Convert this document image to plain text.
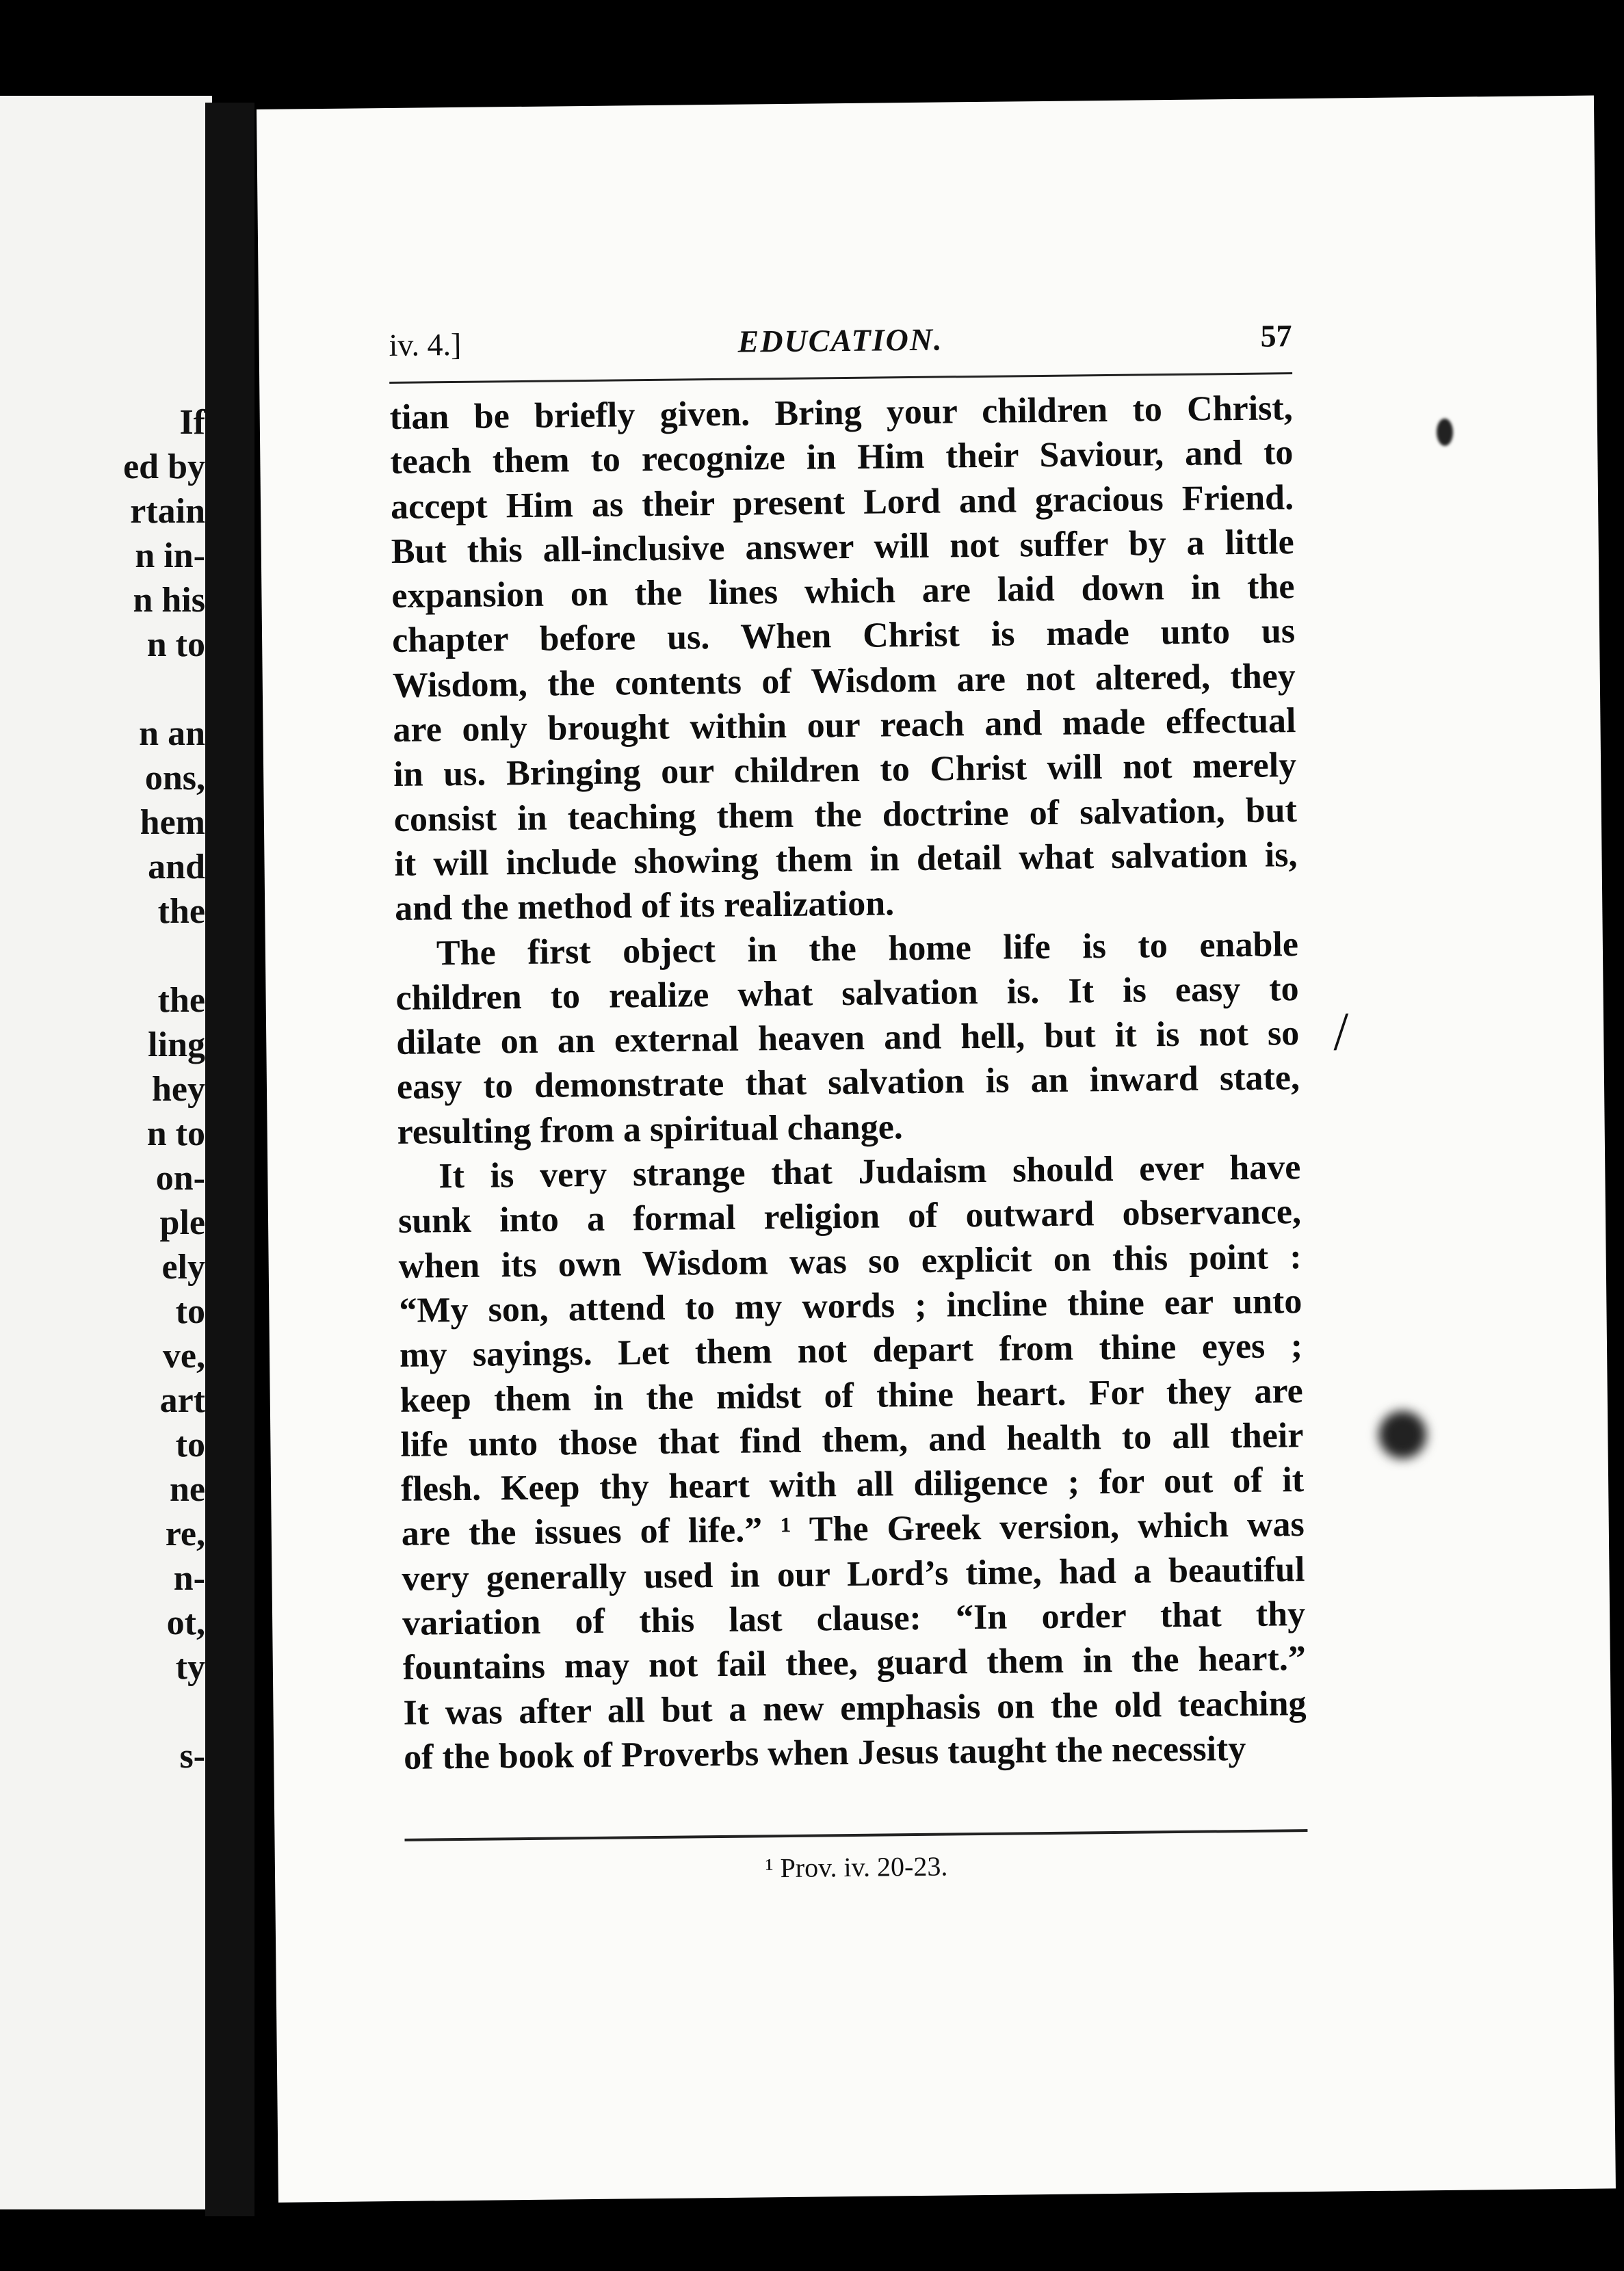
If
ed by
rtain
n in-
n his
n to

n an
ons,
hem
and
the

the
ling
hey
n to
on-
ple
ely
to
ve,
art
to
ne
re,
n-
ot,
ty

s-
iv. 4.]	EDUCATION.	57

tian be briefly given. Bring your children to Christ,
teach them to recognize in Him their Saviour, and to
accept Him as their present Lord and gracious Friend.
But this all-inclusive answer will not suffer by a little
expansion on the lines which are laid down in the
chapter before us. When Christ is made unto us
Wisdom, the contents of Wisdom are not altered, they
are only brought within our reach and made effectual
in us. Bringing our children to Christ will not merely
consist in teaching them the doctrine of salvation, but
it will include showing them in detail what salvation is,
and the method of its realization.

The first object in the home life is to enable
children to realize what salvation is. It is easy to
dilate on an external heaven and hell, but it is not so
easy to demonstrate that salvation is an inward state,
resulting from a spiritual change.

It is very strange that Judaism should ever have
sunk into a formal religion of outward observance,
when its own Wisdom was so explicit on this point :
“My son, attend to my words ; incline thine ear unto
my sayings. Let them not depart from thine eyes ;
keep them in the midst of thine heart. For they are
life unto those that find them, and health to all their
flesh. Keep thy heart with all diligence ; for out of it
are the issues of life.” ¹ The Greek version, which was
very generally used in our Lord’s time, had a beautiful
variation of this last clause: “In order that thy
fountains may not fail thee, guard them in the heart.”
It was after all but a new emphasis on the old teaching
of the book of Proverbs when Jesus taught the necessity

¹ Prov. iv. 20-23.
/
